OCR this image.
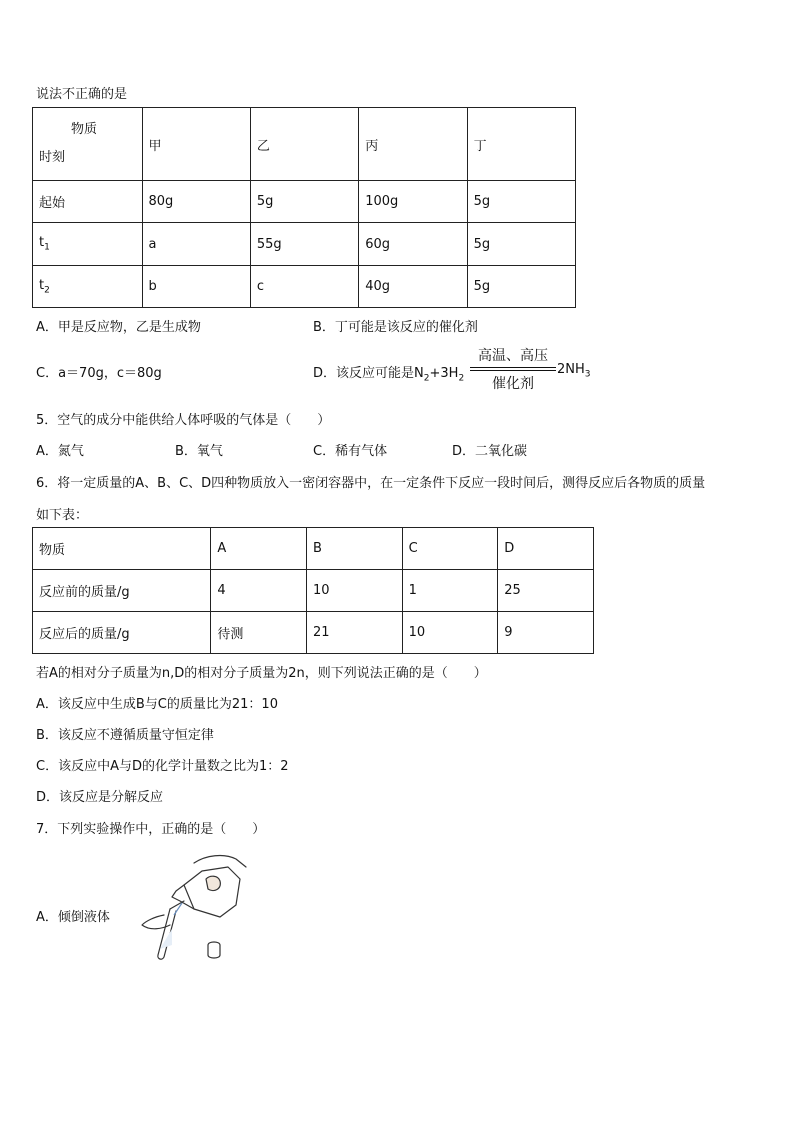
说法不正确的是
物质
时刻	甲	乙	丙	丁
起始	80g	5g	100g	5g
$t_1$	a	55g	60g	5g
$t_2$	b	c	40g	5g
A．甲是反应物，乙是生成物	B．丁可能是该反应的催化剂
C．a＝70g，c＝80g	D．该反应可能是$N_2+3H_2$
高温、高压
催化剂
$2NH_3$
5．空气的成分中能供给人体呼吸的气体是（　　）
A．氮气	B．氧气	C．稀有气体	D．二氧化碳
6．将一定质量的A、B、C、D四种物质放入一密闭容器中，在一定条件下反应一段时间后，测得反应后各物质的质量
如下表：
物质	A	B	C	D
反应前的质量/g	4	10	1	25
反应后的质量/g	待测	21	10	9
若A的相对分子质量为n,D的相对分子质量为2n，则下列说法正确的是（　　）
A．该反应中生成B与C的质量比为21：10
B．该反应不遵循质量守恒定律
C．该反应中A与D的化学计量数之比为1：2
D．该反应是分解反应
7．下列实验操作中，正确的是（　　）
A．倾倒液体
